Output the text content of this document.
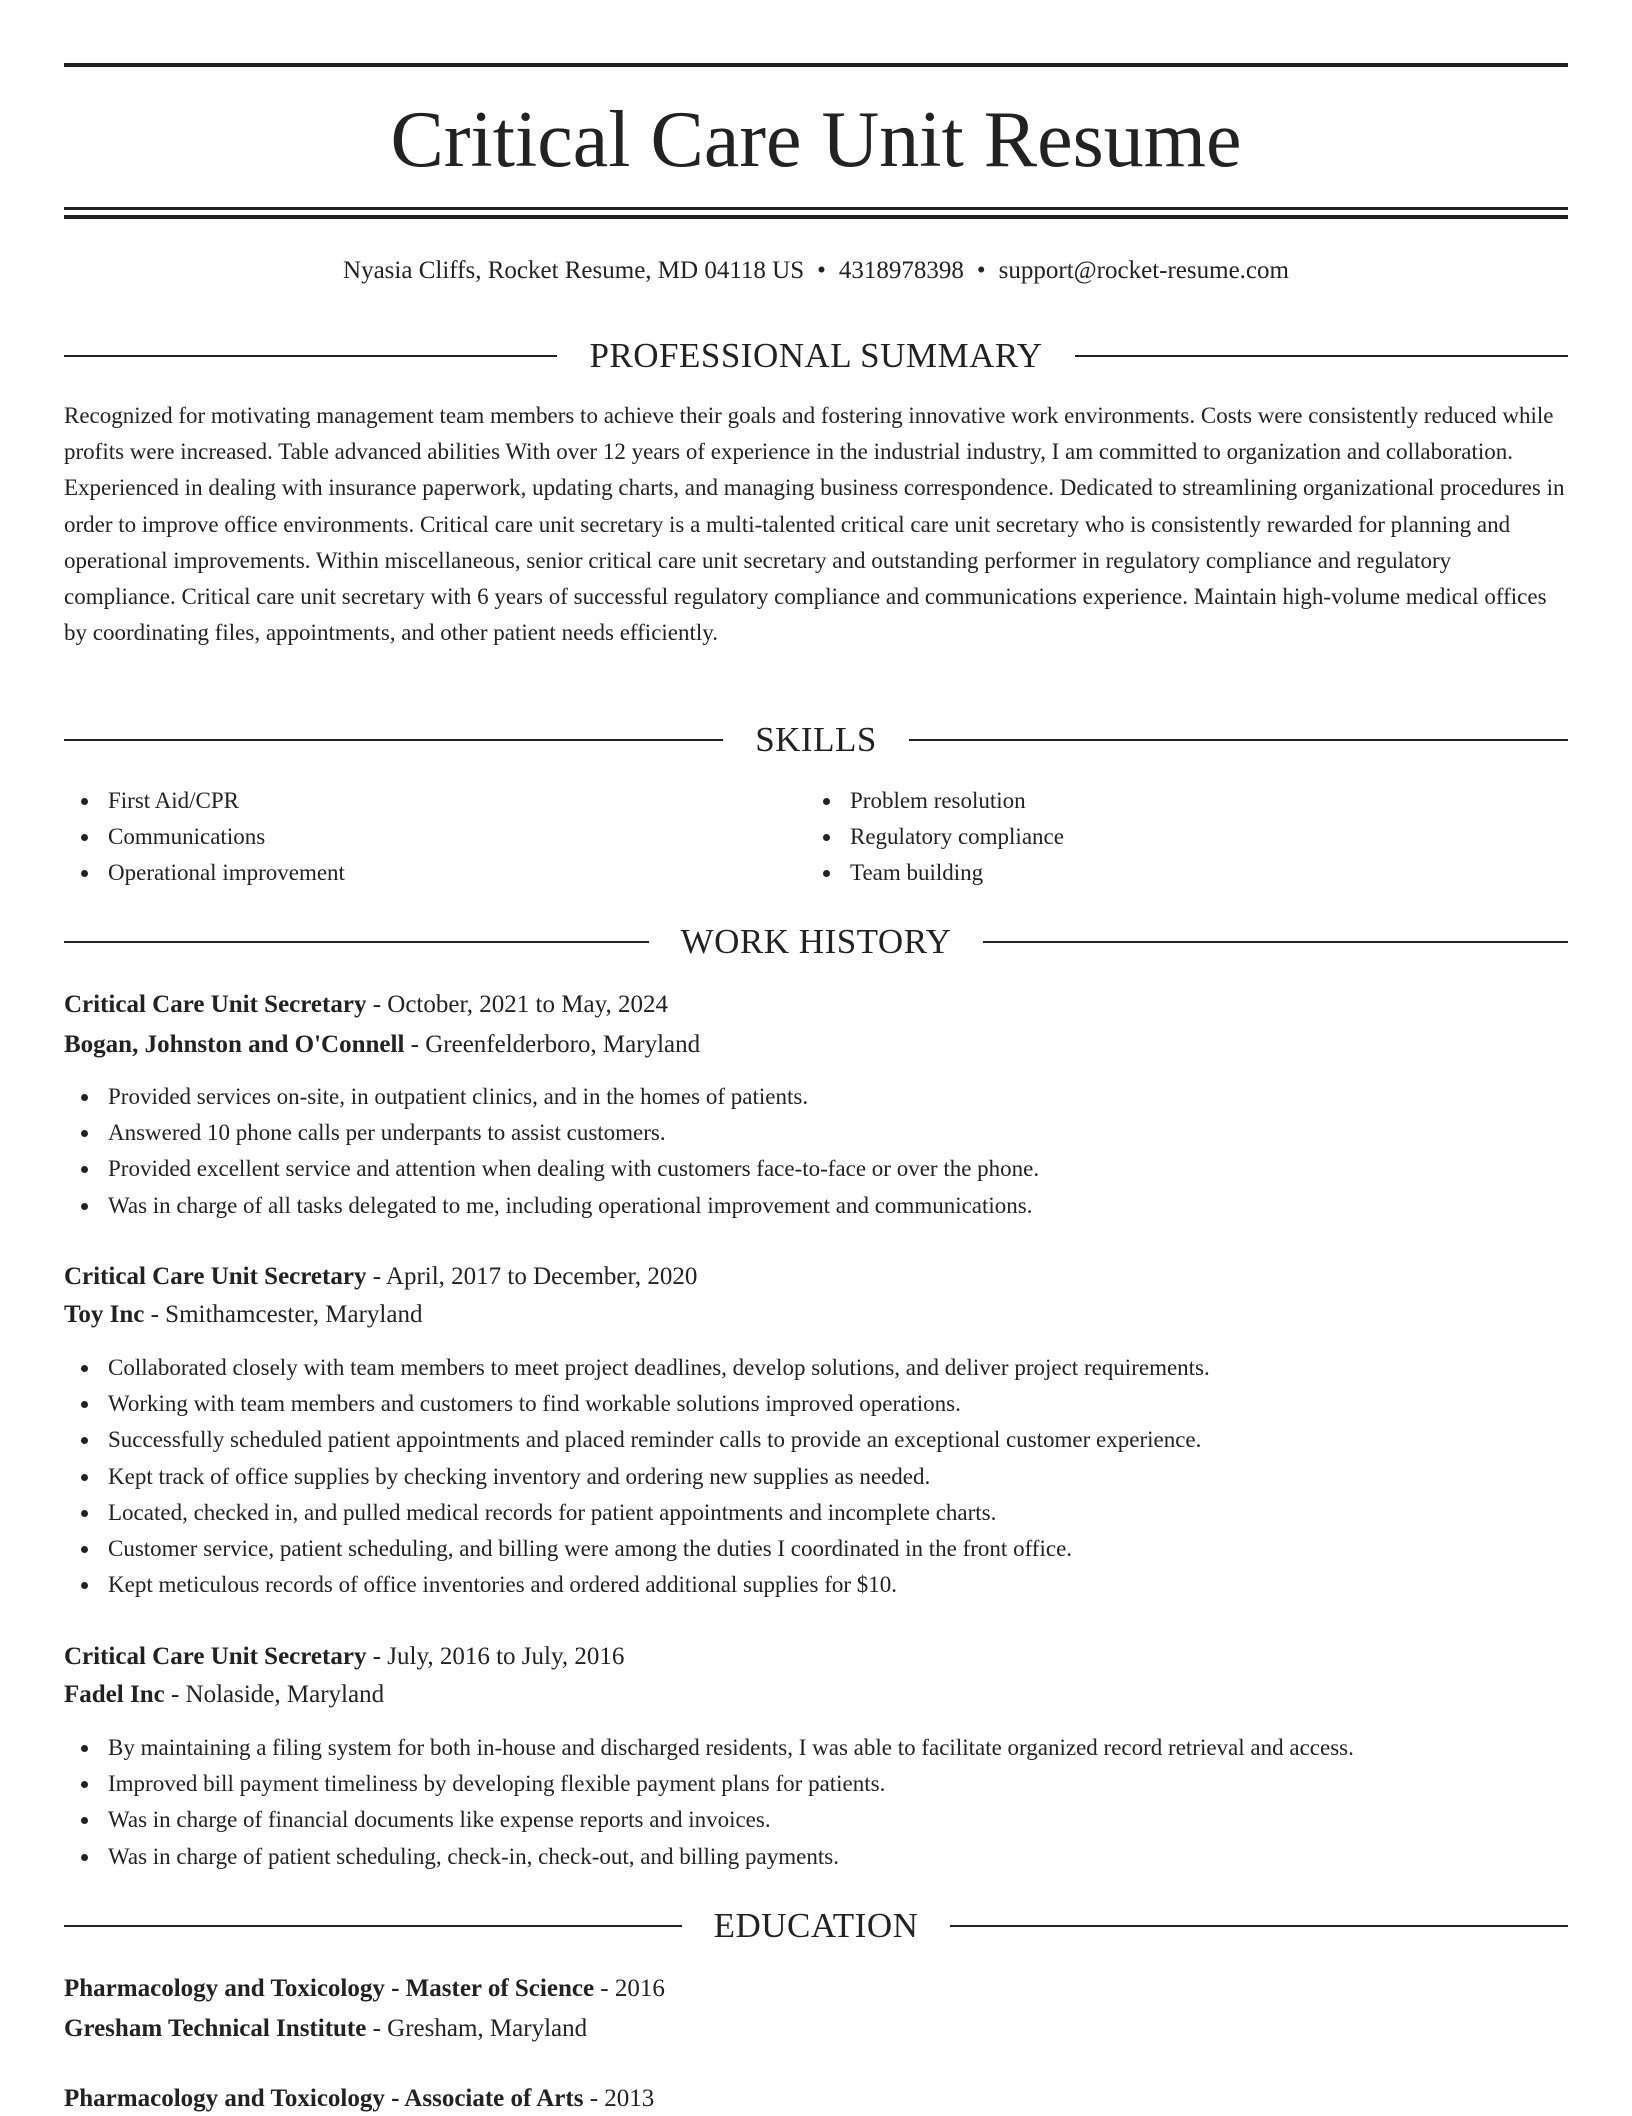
Critical Care Unit Resume
Nyasia Cliffs, Rocket Resume, MD 04118 US • 4318978398 • support@rocket-resume.com
PROFESSIONAL SUMMARY

Recognized for motivating management team members to achieve their goals and fostering innovative work environments. Costs were consistently reduced while profits were increased. Table advanced abilities With over 12 years of experience in the industrial industry, I am committed to organization and collaboration. Experienced in dealing with insurance paperwork, updating charts, and managing business correspondence. Dedicated to streamlining organizational procedures in order to improve office environments. Critical care unit secretary is a multi-talented critical care unit secretary who is consistently rewarded for planning and operational improvements. Within miscellaneous, senior critical care unit secretary and outstanding performer in regulatory compliance and regulatory compliance. Critical care unit secretary with 6 years of successful regulatory compliance and communications experience. Maintain high-volume medical offices by coordinating files, appointments, and other patient needs efficiently.

SKILLS
First Aid/CPR
Communications
Operational improvement
Problem resolution
Regulatory compliance
Team building
WORK HISTORY
Critical Care Unit Secretary - October, 2021 to May, 2024
Bogan, Johnston and O'Connell - Greenfelderboro, Maryland
Provided services on-site, in outpatient clinics, and in the homes of patients.
Answered 10 phone calls per underpants to assist customers.
Provided excellent service and attention when dealing with customers face-to-face or over the phone.
Was in charge of all tasks delegated to me, including operational improvement and communications.
Critical Care Unit Secretary - April, 2017 to December, 2020
Toy Inc - Smithamcester, Maryland
Collaborated closely with team members to meet project deadlines, develop solutions, and deliver project requirements.
Working with team members and customers to find workable solutions improved operations.
Successfully scheduled patient appointments and placed reminder calls to provide an exceptional customer experience.
Kept track of office supplies by checking inventory and ordering new supplies as needed.
Located, checked in, and pulled medical records for patient appointments and incomplete charts.
Customer service, patient scheduling, and billing were among the duties I coordinated in the front office.
Kept meticulous records of office inventories and ordered additional supplies for $10.
Critical Care Unit Secretary - July, 2016 to July, 2016
Fadel Inc - Nolaside, Maryland
By maintaining a filing system for both in-house and discharged residents, I was able to facilitate organized record retrieval and access.
Improved bill payment timeliness by developing flexible payment plans for patients.
Was in charge of financial documents like expense reports and invoices.
Was in charge of patient scheduling, check-in, check-out, and billing payments.
EDUCATION
Pharmacology and Toxicology - Master of Science - 2016
Gresham Technical Institute - Gresham, Maryland
Pharmacology and Toxicology - Associate of Arts - 2013
